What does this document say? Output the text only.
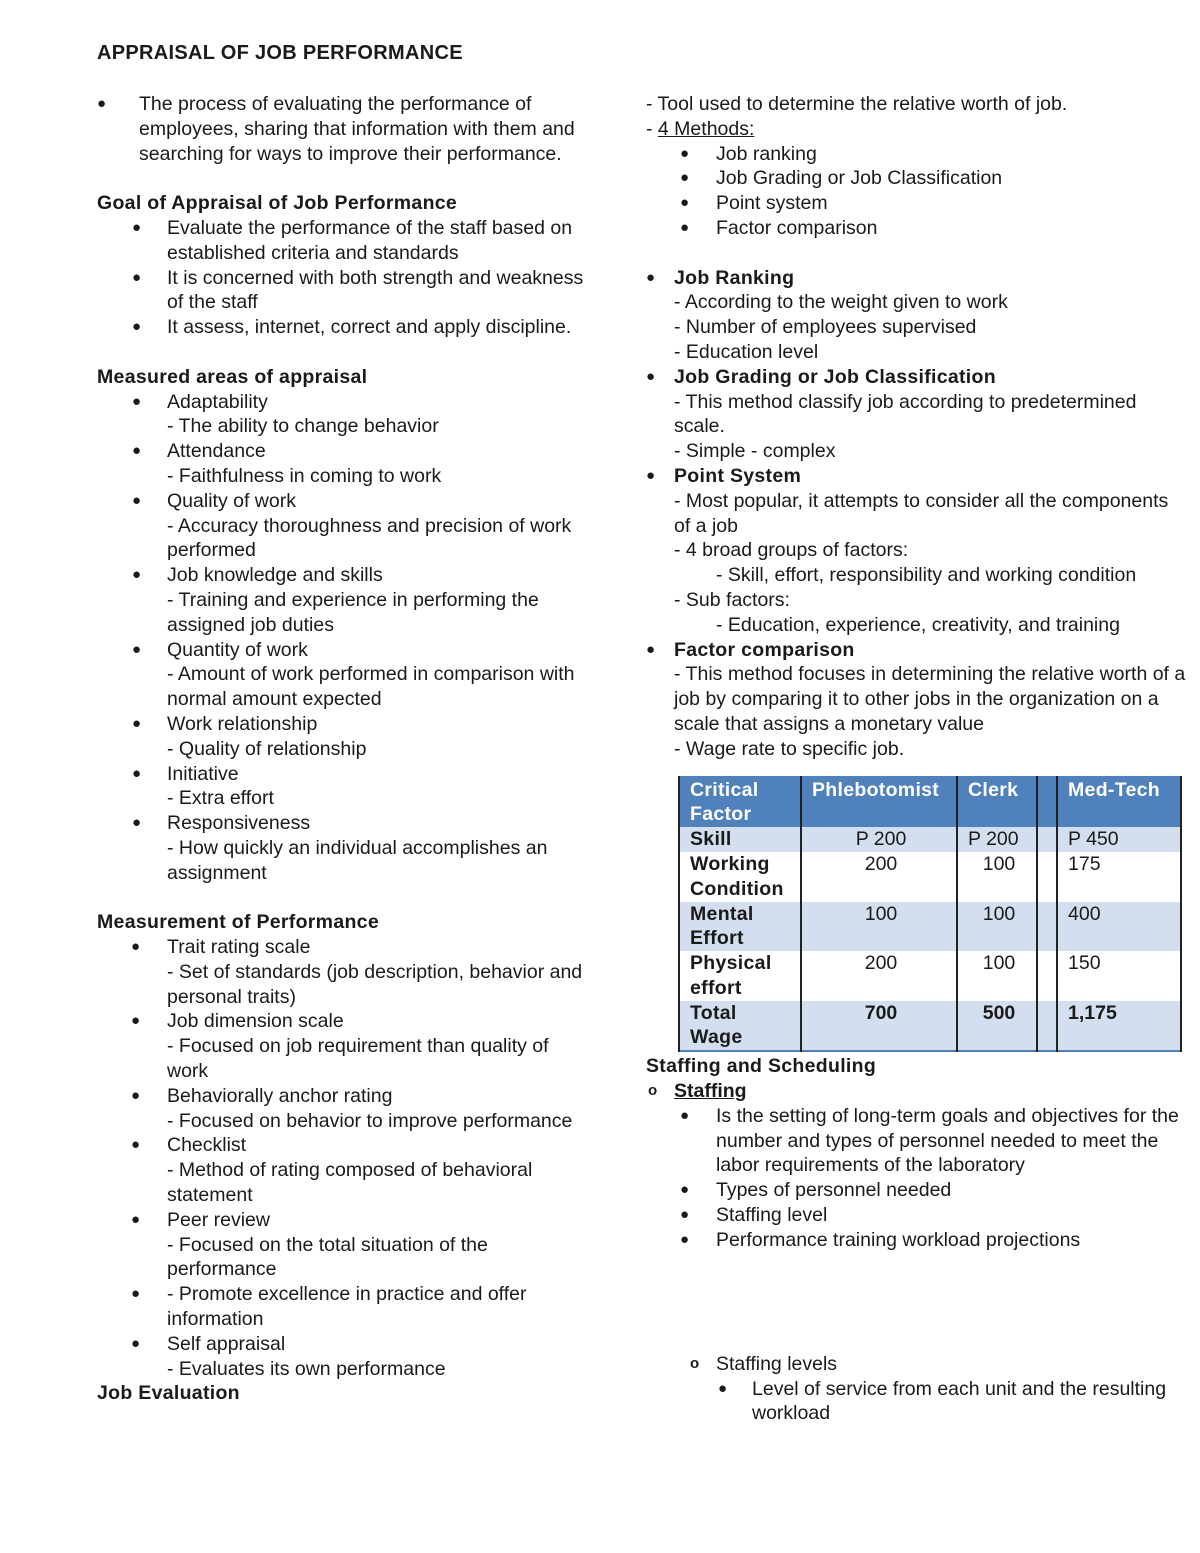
APPRAISAL OF JOB PERFORMANCE
● The process of evaluating the performance of employees, sharing that information with them and searching for ways to improve their performance.
Goal of Appraisal of Job Performance
● Evaluate the performance of the staff based on established criteria and standards
● It is concerned with both strength and weakness of the staff
● It assess, internet, correct and apply discipline.
Measured areas of appraisal
● Adaptability
- The ability to change behavior
● Attendance
- Faithfulness in coming to work
● Quality of work
- Accuracy thoroughness and precision of work performed
● Job knowledge and skills
- Training and experience in performing the assigned job duties
● Quantity of work
- Amount of work performed in comparison with normal amount expected
● Work relationship
- Quality of relationship
● Initiative
- Extra effort
● Responsiveness
- How quickly an individual accomplishes an assignment
Measurement of Performance
● Trait rating scale
- Set of standards (job description, behavior and personal traits)
● Job dimension scale
- Focused on job requirement than quality of work
● Behaviorally anchor rating
- Focused on behavior to improve performance
● Checklist
- Method of rating composed of behavioral statement
● Peer review
- Focused on the total situation of the performance
● - Promote excellence in practice and offer information
● Self appraisal
- Evaluates its own performance
Job Evaluation
- Tool used to determine the relative worth of job.
- 4 Methods:
● Job ranking
● Job Grading or Job Classification
● Point system
● Factor comparison
● Job Ranking
- According to the weight given to work
- Number of employees supervised
- Education level
● Job Grading or Job Classification
- This method classify job according to predetermined scale.
- Simple - complex
● Point System
- Most popular, it attempts to consider all the components of a job
- 4 broad groups of factors:
- Skill, effort, responsibility and working condition
- Sub factors:
- Education, experience, creativity, and training
● Factor comparison
- This method focuses in determining the relative worth of a job by comparing it to other jobs in the organization on a scale that assigns a monetary value
- Wage rate to specific job.
Critical Factor	Phlebotomist	Clerk		Med-Tech
Skill	P 200	P 200		P 450
Working Condition	200	100		175
Mental Effort	100	100		400
Physical effort	200	100		150
Total Wage	700	500		1,175
Staffing and Scheduling
o Staffing
● Is the setting of long-term goals and objectives for the number and types of personnel needed to meet the labor requirements of the laboratory
● Types of personnel needed
● Staffing level
● Performance training workload projections
o Staffing levels
● Level of service from each unit and the resulting workload
